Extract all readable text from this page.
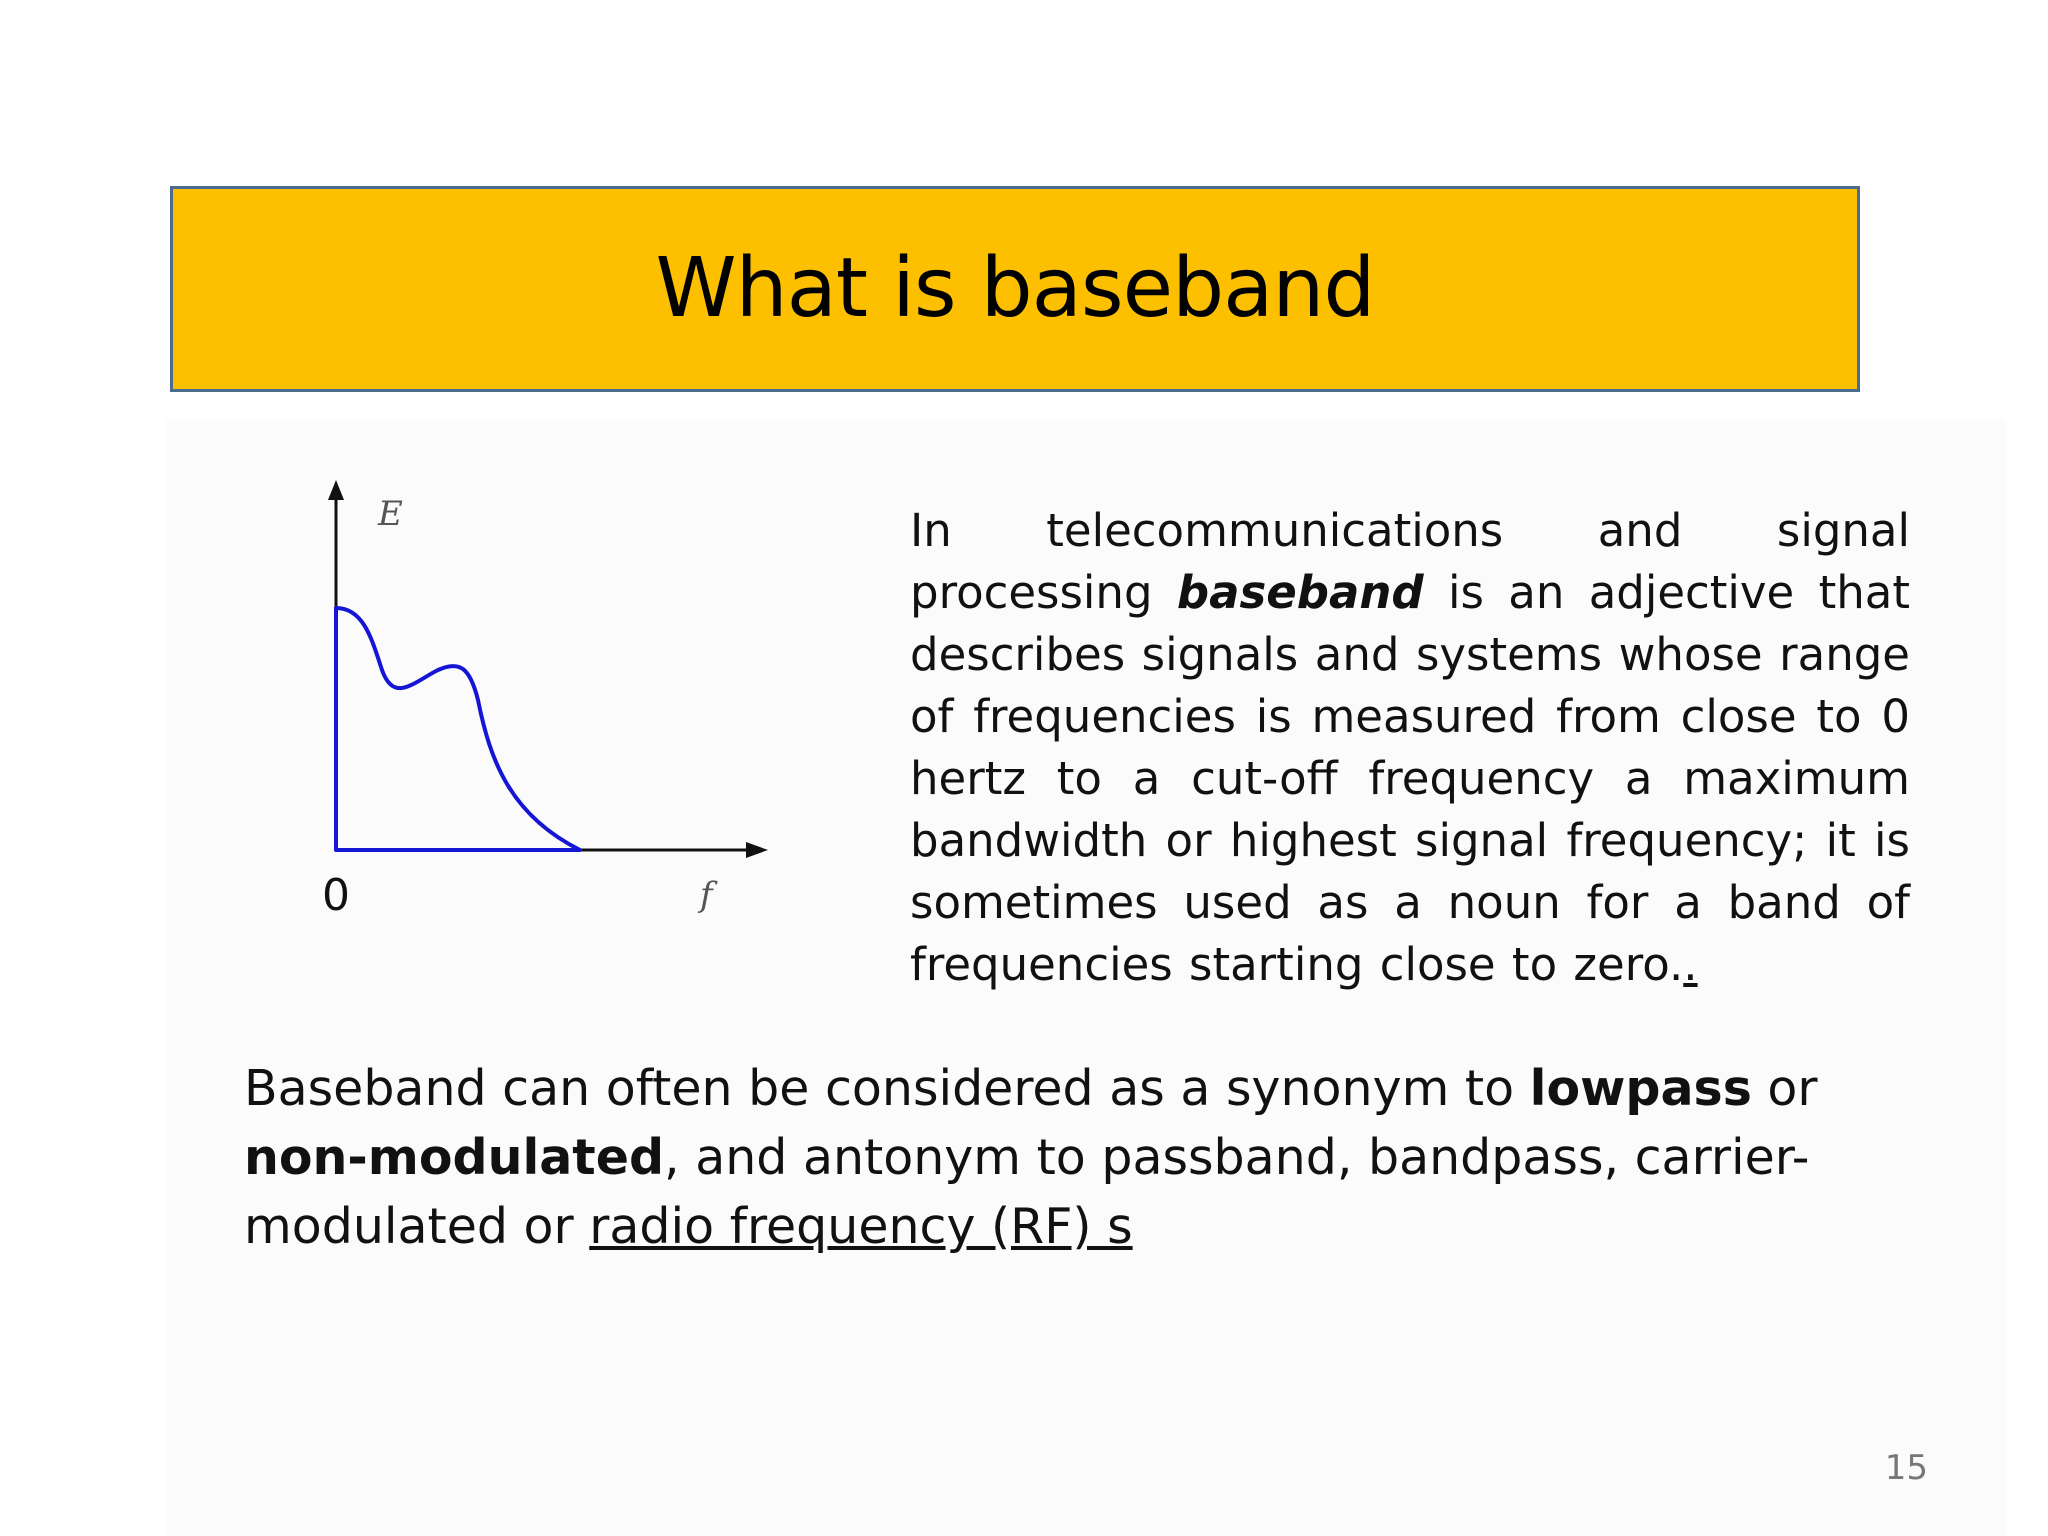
What is baseband
E
f
0
In telecommunications and signal processing baseband is an adjective that describes signals and systems whose range of frequencies is measured from close to 0 hertz to a cut-off frequency a maximum bandwidth or highest signal frequency; it is sometimes used as a noun for a band of frequencies starting close to zero..
Baseband can often be considered as a synonym to lowpass or non-modulated, and antonym to passband, bandpass, carrier-modulated or radio frequency (RF) s
15
